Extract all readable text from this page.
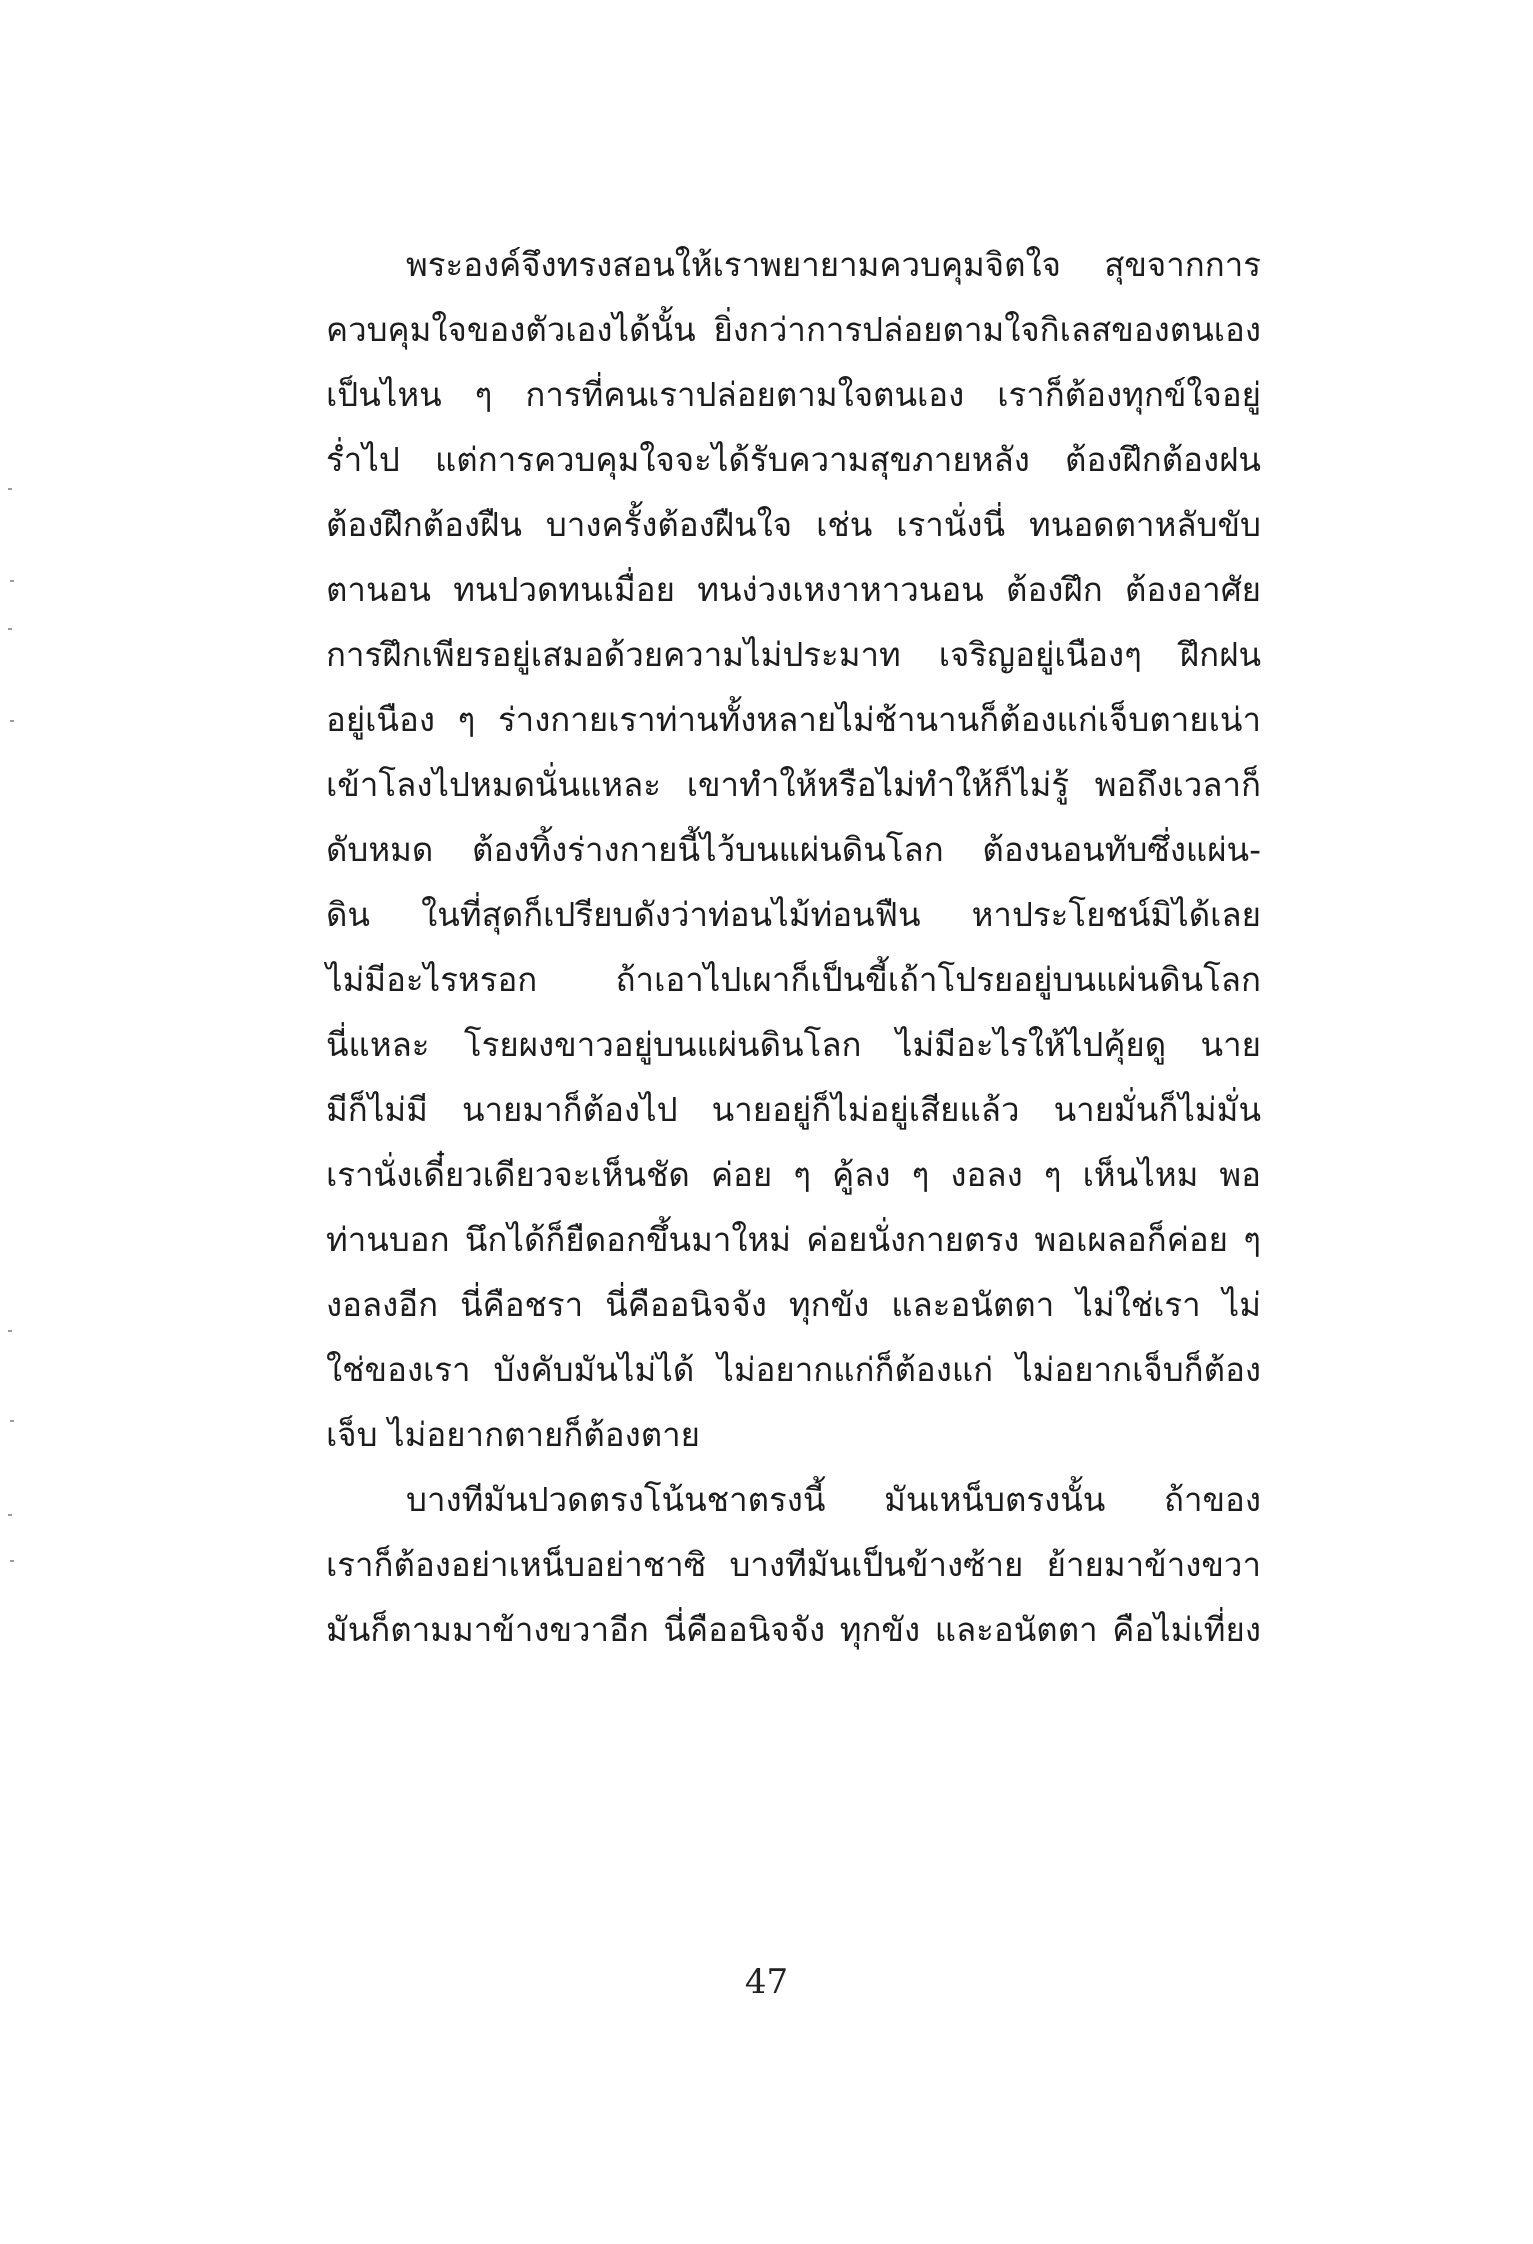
พระองค์จึงทรงสอนให้เราพยายามควบคุมจิตใจ สุขจากการ
ควบคุมใจของตัวเองได้นั้น ยิ่งกว่าการปล่อยตามใจกิเลสของตนเอง
เป็นไหน ๆ การที่คนเราปล่อยตามใจตนเอง เราก็ต้องทุกข์ใจอยู่
ร่ำไป แต่การควบคุมใจจะได้รับความสุขภายหลัง ต้องฝึกต้องฝน
ต้องฝึกต้องฝืน บางครั้งต้องฝืนใจ เช่น เรานั่งนี่ ทนอดตาหลับขับ
ตานอน ทนปวดทนเมื่อย ทนง่วงเหงาหาวนอน ต้องฝึก ต้องอาศัย
การฝึกเพียรอยู่เสมอด้วยความไม่ประมาท เจริญอยู่เนืองๆ ฝึกฝน
อยู่เนือง ๆ ร่างกายเราท่านทั้งหลายไม่ช้านานก็ต้องแก่เจ็บตายเน่า
เข้าโลงไปหมดนั่นแหละ เขาทำให้หรือไม่ทำให้ก็ไม่รู้ พอถึงเวลาก็
ดับหมด ต้องทิ้งร่างกายนี้ไว้บนแผ่นดินโลก ต้องนอนทับซึ่งแผ่น-
ดิน ในที่สุดก็เปรียบดังว่าท่อนไม้ท่อนฟืน หาประโยชน์มิได้เลย
ไม่มีอะไรหรอก ถ้าเอาไปเผาก็เป็นขี้เถ้าโปรยอยู่บนแผ่นดินโลก
นี่แหละ โรยผงขาวอยู่บนแผ่นดินโลก ไม่มีอะไรให้ไปคุ้ยดู นาย
มีก็ไม่มี นายมาก็ต้องไป นายอยู่ก็ไม่อยู่เสียแล้ว นายมั่นก็ไม่มั่น
เรานั่งเดี๋ยวเดียวจะเห็นชัด ค่อย ๆ คู้ลง ๆ งอลง ๆ เห็นไหม พอ
ท่านบอก นึกได้ก็ยืดอกขึ้นมาใหม่ ค่อยนั่งกายตรง พอเผลอก็ค่อย ๆ
งอลงอีก นี่คือชรา นี่คืออนิจจัง ทุกขัง และอนัตตา ไม่ใช่เรา ไม่
ใช่ของเรา บังคับมันไม่ได้ ไม่อยากแก่ก็ต้องแก่ ไม่อยากเจ็บก็ต้อง
เจ็บ ไม่อยากตายก็ต้องตาย
บางทีมันปวดตรงโน้นชาตรงนี้ มันเหน็บตรงนั้น ถ้าของ
เราก็ต้องอย่าเหน็บอย่าชาซิ บางทีมันเป็นข้างซ้าย ย้ายมาข้างขวา
มันก็ตามมาข้างขวาอีก นี่คืออนิจจัง ทุกขัง และอนัตตา คือไม่เที่ยง
47
